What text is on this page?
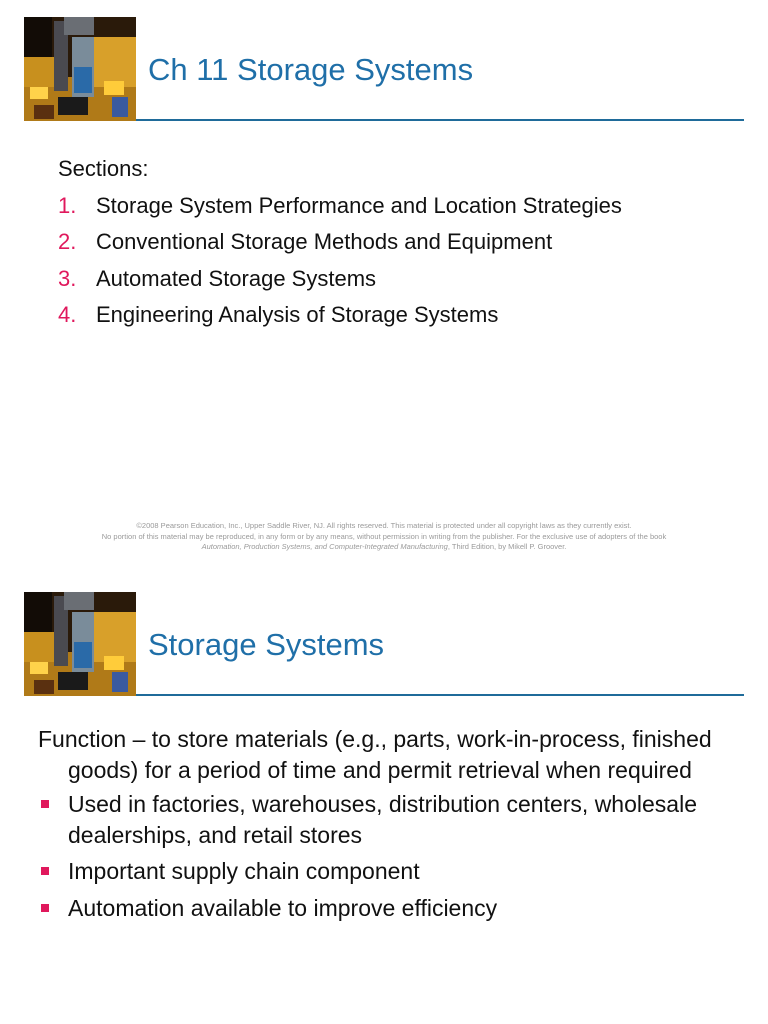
Ch 11 Storage Systems
Sections:
1. Storage System Performance and Location Strategies
2. Conventional Storage Methods and Equipment
3. Automated Storage Systems
4. Engineering Analysis of Storage Systems
©2008 Pearson Education, Inc., Upper Saddle River, NJ. All rights reserved. This material is protected under all copyright laws as they currently exist.
No portion of this material may be reproduced, in any form or by any means, without permission in writing from the publisher. For the exclusive use of adopters of the book
Automation, Production Systems, and Computer-Integrated Manufacturing, Third Edition, by Mikell P. Groover.
Storage Systems

Function – to store materials (e.g., parts, work-in-process, finished goods) for a period of time and permit retrieval when required

Used in factories, warehouses, distribution centers, wholesale dealerships, and retail stores
Important supply chain component
Automation available to improve efficiency
